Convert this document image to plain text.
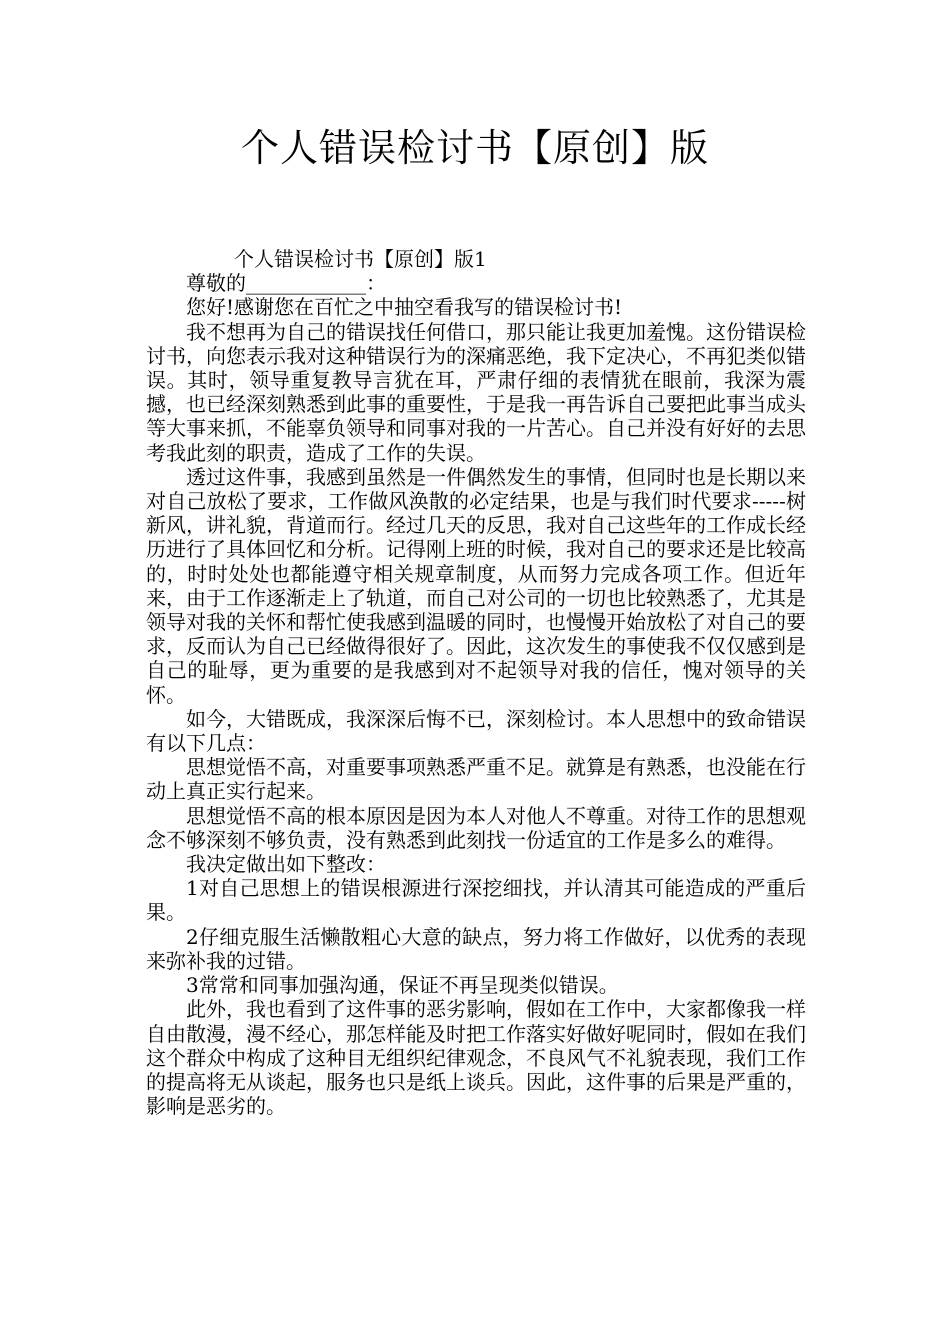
个人错误检讨书【原创】版

个人错误检讨书【原创】版1

尊敬的____________：

您好!感谢您在百忙之中抽空看我写的错误检讨书!

我不想再为自己的错误找任何借口，那只能让我更加羞愧。这份错误检讨书，向您表示我对这种错误行为的深痛恶绝，我下定决心，不再犯类似错误。其时，领导重复教导言犹在耳，严肃仔细的表情犹在眼前，我深为震撼，也已经深刻熟悉到此事的重要性，于是我一再告诉自己要把此事当成头等大事来抓，不能辜负领导和同事对我的一片苦心。自己并没有好好的去思考我此刻的职责，造成了工作的失误。

透过这件事，我感到虽然是一件偶然发生的事情，但同时也是长期以来对自己放松了要求，工作做风涣散的必定结果，也是与我们时代要求-----树新风，讲礼貌，背道而行。经过几天的反思，我对自己这些年的工作成长经历进行了具体回忆和分析。记得刚上班的时候，我对自己的要求还是比较高的，时时处处也都能遵守相关规章制度，从而努力完成各项工作。但近年来，由于工作逐渐走上了轨道，而自己对公司的一切也比较熟悉了，尤其是领导对我的关怀和帮忙使我感到温暖的同时，也慢慢开始放松了对自己的要求，反而认为自己已经做得很好了。因此，这次发生的事使我不仅仅感到是自己的耻辱，更为重要的是我感到对不起领导对我的信任，愧对领导的关怀。

如今，大错既成，我深深后悔不已，深刻检讨。本人思想中的致命错误有以下几点：

思想觉悟不高，对重要事项熟悉严重不足。就算是有熟悉，也没能在行动上真正实行起来。

思想觉悟不高的根本原因是因为本人对他人不尊重。对待工作的思想观念不够深刻不够负责，没有熟悉到此刻找一份适宜的工作是多么的难得。

我决定做出如下整改：

1对自己思想上的错误根源进行深挖细找，并认清其可能造成的严重后果。

2仔细克服生活懒散粗心大意的缺点，努力将工作做好，以优秀的表现来弥补我的过错。

3常常和同事加强沟通，保证不再呈现类似错误。

此外，我也看到了这件事的恶劣影响，假如在工作中，大家都像我一样自由散漫，漫不经心，那怎样能及时把工作落实好做好呢同时，假如在我们这个群众中构成了这种目无组织纪律观念，不良风气不礼貌表现，我们工作的提高将无从谈起，服务也只是纸上谈兵。因此，这件事的后果是严重的，影响是恶劣的。
